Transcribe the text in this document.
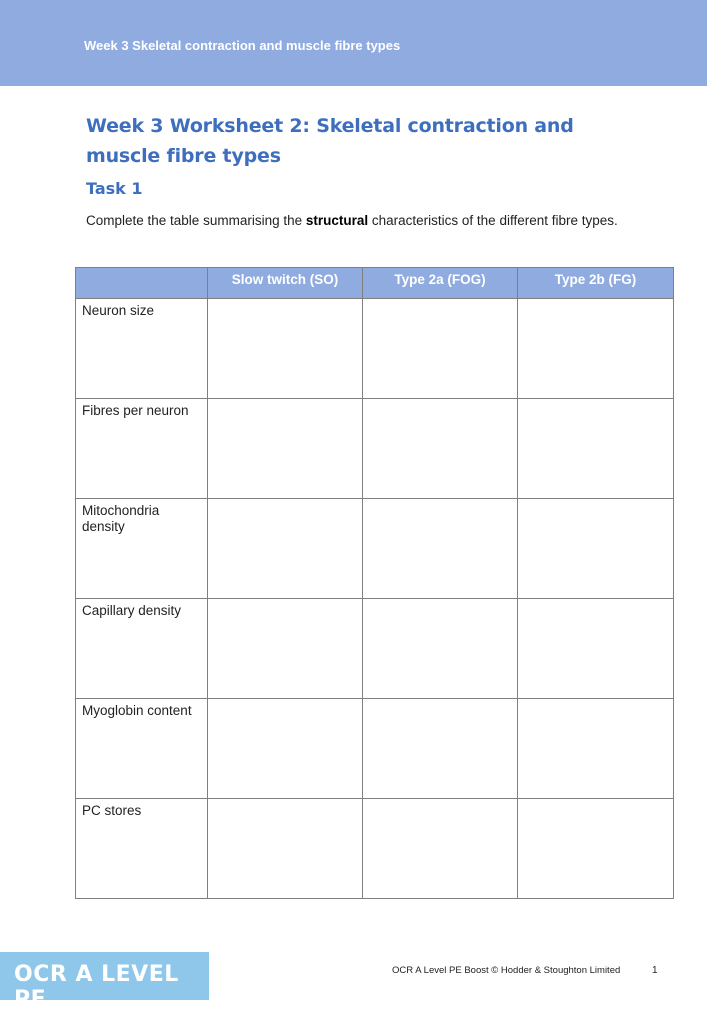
Week 3 Skeletal contraction and muscle fibre types
Week 3 Worksheet 2: Skeletal contraction and muscle fibre types
Task 1

Complete the table summarising the structural characteristics of the different fibre types.

	Slow twitch (SO)	Type 2a (FOG)	Type 2b (FG)
Neuron size			
Fibres per neuron			
Mitochondria density			
Capillary density			
Myoglobin content			
PC stores			
OCR A LEVEL PE
OCR A Level PE Boost © Hodder & Stoughton Limited	1
